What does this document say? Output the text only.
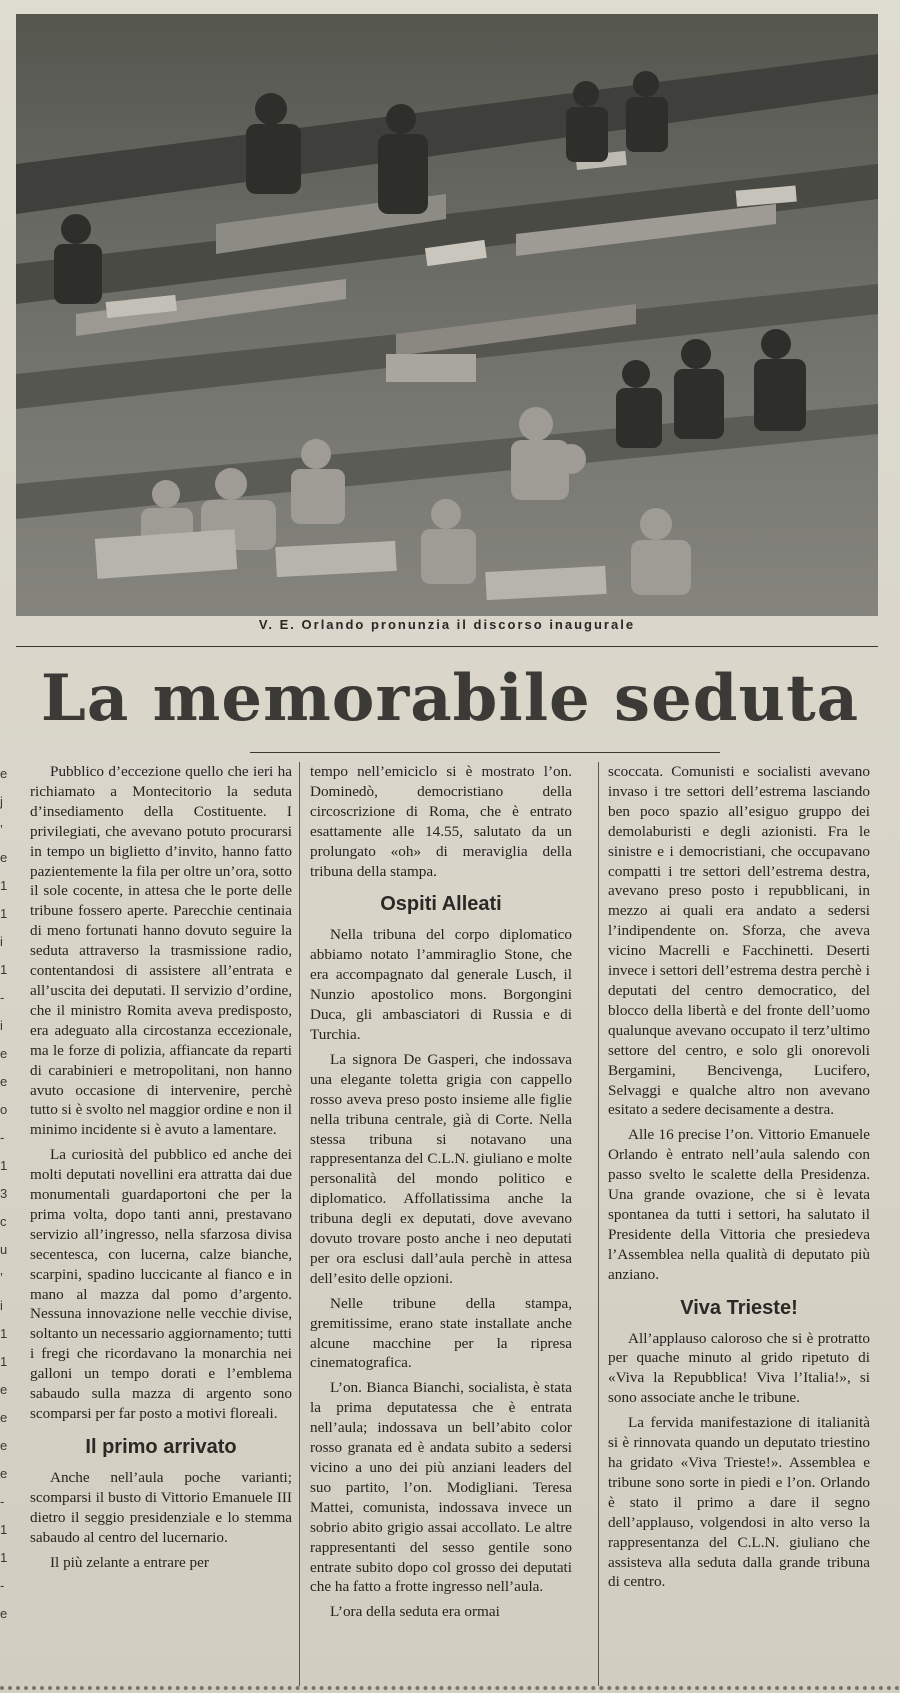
V. E. Orlando pronunzia il discorso inaugurale
La memorabile seduta

Pubblico d’eccezione quello che ieri ha richiamato a Montecitorio la seduta d’insediamento della Costituente. I privilegiati, che avevano potuto procurarsi in tempo un biglietto d’invito, hanno fatto pazientemente la fila per oltre un’ora, sotto il sole cocente, in attesa che le porte delle tribune fossero aperte. Parecchie centinaia di meno fortunati hanno dovuto seguire la seduta attraverso la trasmissione radio, contentandosi di assistere all’entrata e all’uscita dei deputati. Il servizio d’ordine, che il ministro Romita aveva predisposto, era adeguato alla circostanza eccezionale, ma le forze di polizia, affiancate da reparti di carabinieri e metropolitani, non hanno avuto occasione di intervenire, perchè tutto si è svolto nel maggior ordine e non il minimo incidente si è avuto a lamentare.

La curiosità del pubblico ed anche dei molti deputati novellini era attratta dai due monumentali guardaportoni che per la prima volta, dopo tanti anni, prestavano servizio all’ingresso, nella sfarzosa divisa secentesca, con lucerna, calze bianche, scarpini, spadino luccicante al fianco e in mano al mazza dal pomo d’argento. Nessuna innovazione nelle vecchie divise, soltanto un necessario aggiornamento; tutti i fregi che ricordavano la monarchia nei galloni un tempo dorati e l’emblema sabaudo sulla mazza di argento sono scomparsi per far posto a motivi floreali.

Il primo arrivato

Anche nell’aula poche varianti; scomparsi il busto di Vittorio Emanuele III dietro il seggio presidenziale e lo stemma sabaudo al centro del lucernario.

Il più zelante a entrare per

tempo nell’emiciclo si è mostrato l’on. Dominedò, democristiano della circoscrizione di Roma, che è entrato esattamente alle 14.55, salutato da un prolungato «oh» di meraviglia della tribuna della stampa.

Ospiti Alleati

Nella tribuna del corpo diplomatico abbiamo notato l’ammiraglio Stone, che era accompagnato dal generale Lusch, il Nunzio apostolico mons. Borgongini Duca, gli ambasciatori di Russia e di Turchia.

La signora De Gasperi, che indossava una elegante toletta grigia con cappello rosso aveva preso posto insieme alle figlie nella tribuna centrale, già di Corte. Nella stessa tribuna si notavano una rappresentanza del C.L.N. giuliano e molte personalità del mondo politico e diplomatico. Affollatissima anche la tribuna degli ex deputati, dove avevano dovuto trovare posto anche i neo deputati per ora esclusi dall’aula perchè in attesa dell’esito delle opzioni.

Nelle tribune della stampa, gremitissime, erano state installate anche alcune macchine per la ripresa cinematografica.

L’on. Bianca Bianchi, socialista, è stata la prima deputatessa che è entrata nell’aula; indossava un bell’abito color rosso granata ed è andata subito a sedersi vicino a uno dei più anziani leaders del suo partito, l’on. Modigliani. Teresa Mattei, comunista, indossava invece un sobrio abito grigio assai accollato. Le altre rappresentanti del sesso gentile sono entrate subito dopo col grosso dei deputati che ha fatto a frotte ingresso nell’aula.

L’ora della seduta era ormai

scoccata. Comunisti e socialisti avevano invaso i tre settori dell’estrema lasciando ben poco spazio all’esiguo gruppo dei demolaburisti e degli azionisti. Fra le sinistre e i democristiani, che occupavano compatti i tre settori dell’estrema destra, avevano preso posto i repubblicani, in mezzo ai quali era andato a sedersi l’indipendente on. Sforza, che aveva vicino Macrelli e Facchinetti. Deserti invece i settori dell’estrema destra perchè i deputati del centro democratico, del blocco della libertà e del fronte dell’uomo qualunque avevano occupato il terz’ultimo settore del centro, e solo gli onorevoli Bergamini, Bencivenga, Lucifero, Selvaggi e qualche altro non avevano esitato a sedere decisamente a destra.

Alle 16 precise l’on. Vittorio Emanuele Orlando è entrato nell’aula salendo con passo svelto le scalette della Presidenza. Una grande ovazione, che si è levata spontanea da tutti i settori, ha salutato il Presidente della Vittoria che presiedeva l’Assemblea nella qualità di deputato più anziano.

Viva Trieste!

All’applauso caloroso che si è protratto per quache minuto al grido ripetuto di «Viva la Repubblica! Viva l’Italia!», si sono associate anche le tribune.

La fervida manifestazione di italianità si è rinnovata quando un deputato triestino ha gridato «Viva Trieste!». Assemblea e tribune sono sorte in piedi e l’on. Orlando è stato il primo a dare il segno dell’applauso, volgendosi in alto verso la rappresentanza del C.L.N. giuliano che assisteva alla seduta dalla grande tribuna di centro.

e
j
’
e
1
1
i
1
-
i
e
e
o
-
1
3
c
u
’
i
1
1
e
e
e
e
-
1
1
-
e
